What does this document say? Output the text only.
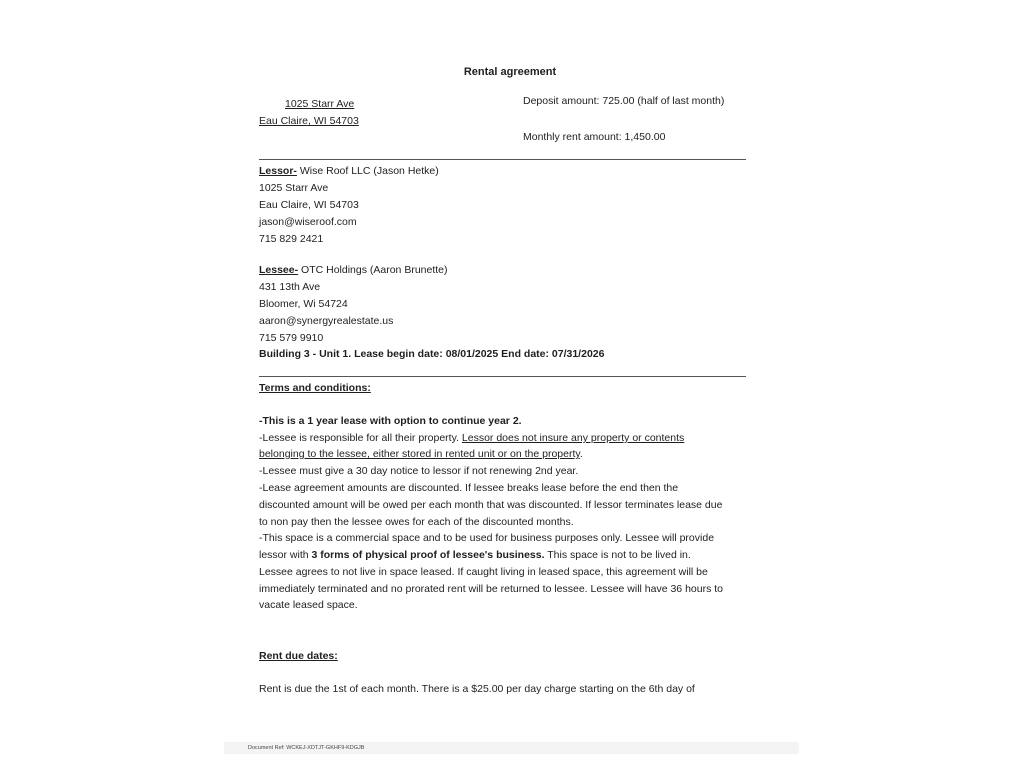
Rental agreement
1025 Starr Ave
Eau Claire, WI 54703
Deposit amount: 725.00 (half of last month)
Monthly rent amount: 1,450.00
Lessor- Wise Roof LLC (Jason Hetke)
1025 Starr Ave
Eau Claire, WI 54703
jason@wiseroof.com
715 829 2421
Lessee- OTC Holdings (Aaron Brunette)
431 13th Ave
Bloomer, Wi 54724
aaron@synergyrealestate.us
715 579 9910
Building 3 - Unit 1. Lease begin date: 08/01/2025 End date: 07/31/2026
Terms and conditions:
-This is a 1 year lease with option to continue year 2.
-Lessee is responsible for all their property. Lessor does not insure any property or contents
belonging to the lessee, either stored in rented unit or on the property.
-Lessee must give a 30 day notice to lessor if not renewing 2nd year.
-Lease agreement amounts are discounted. If lessee breaks lease before the end then the
discounted amount will be owed per each month that was discounted. If lessor terminates lease due
to non pay then the lessee owes for each of the discounted months.
-This space is a commercial space and to be used for business purposes only. Lessee will provide
lessor with 3 forms of physical proof of lessee's business. This space is not to be lived in.
Lessee agrees to not live in space leased. If caught living in leased space, this agreement will be
immediately terminated and no prorated rent will be returned to lessee. Lessee will have 36 hours to
vacate leased space.
Rent due dates:
Rent is due the 1st of each month. There is a $25.00 per day charge starting on the 6th day of
Document Ref: WCKEJ-XDTJT-GKHF9-KDGJB
